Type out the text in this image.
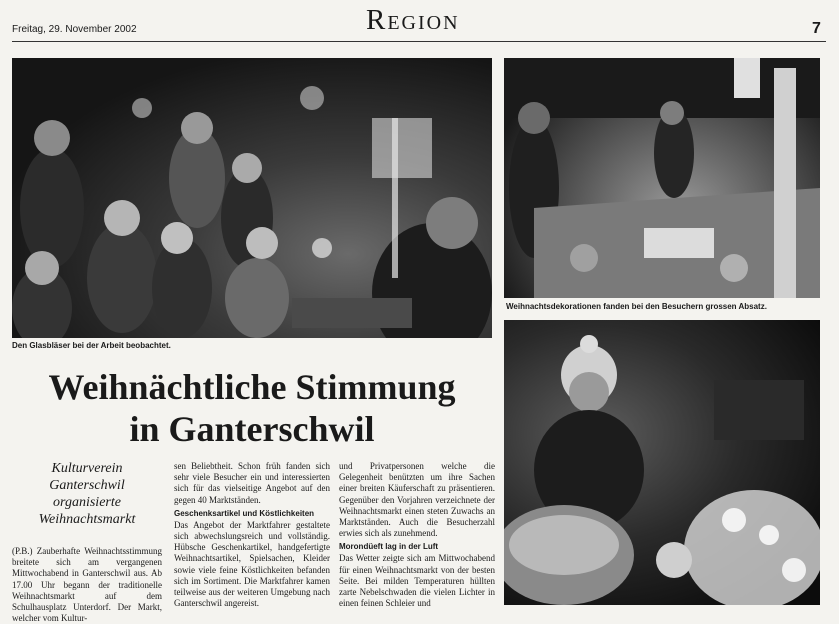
Freitag, 29. November 2002	Region	7
Den Glasbläser bei der Arbeit beobachtet.
Weihnachtsdekorationen fanden bei den Besuchern grossen Absatz.
Weihnächtliche Stimmung
in Ganterschwil
Kulturverein Ganterschwil organisierte Weihnachtsmarkt

(P.B.) Zauberhafte Weihnachtsstimmung breitete sich am vergangenen Mittwochabend in Ganterschwil aus. Ab 17.00 Uhr begann der traditionelle Weihnachtsmarkt auf dem Schulhausplatz Unterdorf. Der Markt, welcher vom Kultur-

sen Beliebtheit. Schon früh fanden sich sehr viele Besucher ein und interessierten sich für das vielseitige Angebot auf den gegen 40 Marktständen.

Geschenksartikel und Köstlichkeiten

Das Angebot der Marktfahrer gestaltete sich abwechslungsreich und vollständig. Hübsche Geschenkartikel, handgefertigte Weihnachtsartikel, Spielsachen, Kleider sowie viele feine Köstlichkeiten befanden sich im Sortiment. Die Marktfahrer kamen teilweise aus der weiteren Umgebung nach Ganterschwil angereist.

und Privatpersonen welche die Gelegenheit benützten um ihre Sachen einer breiten Käuferschaft zu präsentieren. Gegenüber den Vorjahren verzeichnete der Weihnachtsmarkt einen steten Zuwachs an Marktständen. Auch die Besucherzahl erwies sich als zunehmend.

Morondüeft lag in der Luft

Das Wetter zeigte sich am Mittwochabend für einen Weihnachtsmarkt von der besten Seite. Bei milden Temperaturen hüllten zarte Nebelschwaden die vielen Lichter in einen feinen Schleier und
